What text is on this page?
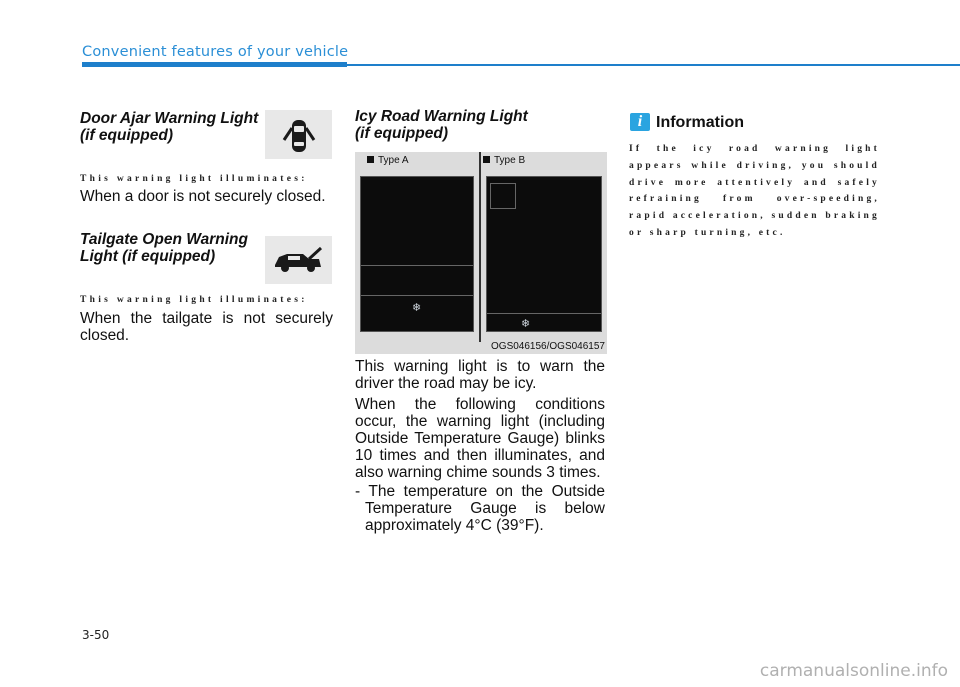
Convenient features of your vehicle
Door Ajar Warning Light
(if equipped)
This warning light illuminates:
When a door is not securely closed.
Tailgate Open Warning
Light (if equipped)
This warning light illuminates:
When the tailgate is not securely closed.
Icy Road Warning Light
(if equipped)
Type A	Type B
❄
❄
OGS046156/OGS046157
This warning light is to warn the driver the road may be icy.
When the following conditions occur, the warning light (including Outside Temperature Gauge) blinks 10 times and then illuminates, and also warning chime sounds 3 times.
- The temperature on the Outside Temperature Gauge is below approximately 4°C (39°F).
i Information
If the icy road warning light appears while driving, you should drive more attentively and safely refraining from over-speeding, rapid acceleration, sudden braking or sharp turning, etc.
3-50
carmanualsonline.info
